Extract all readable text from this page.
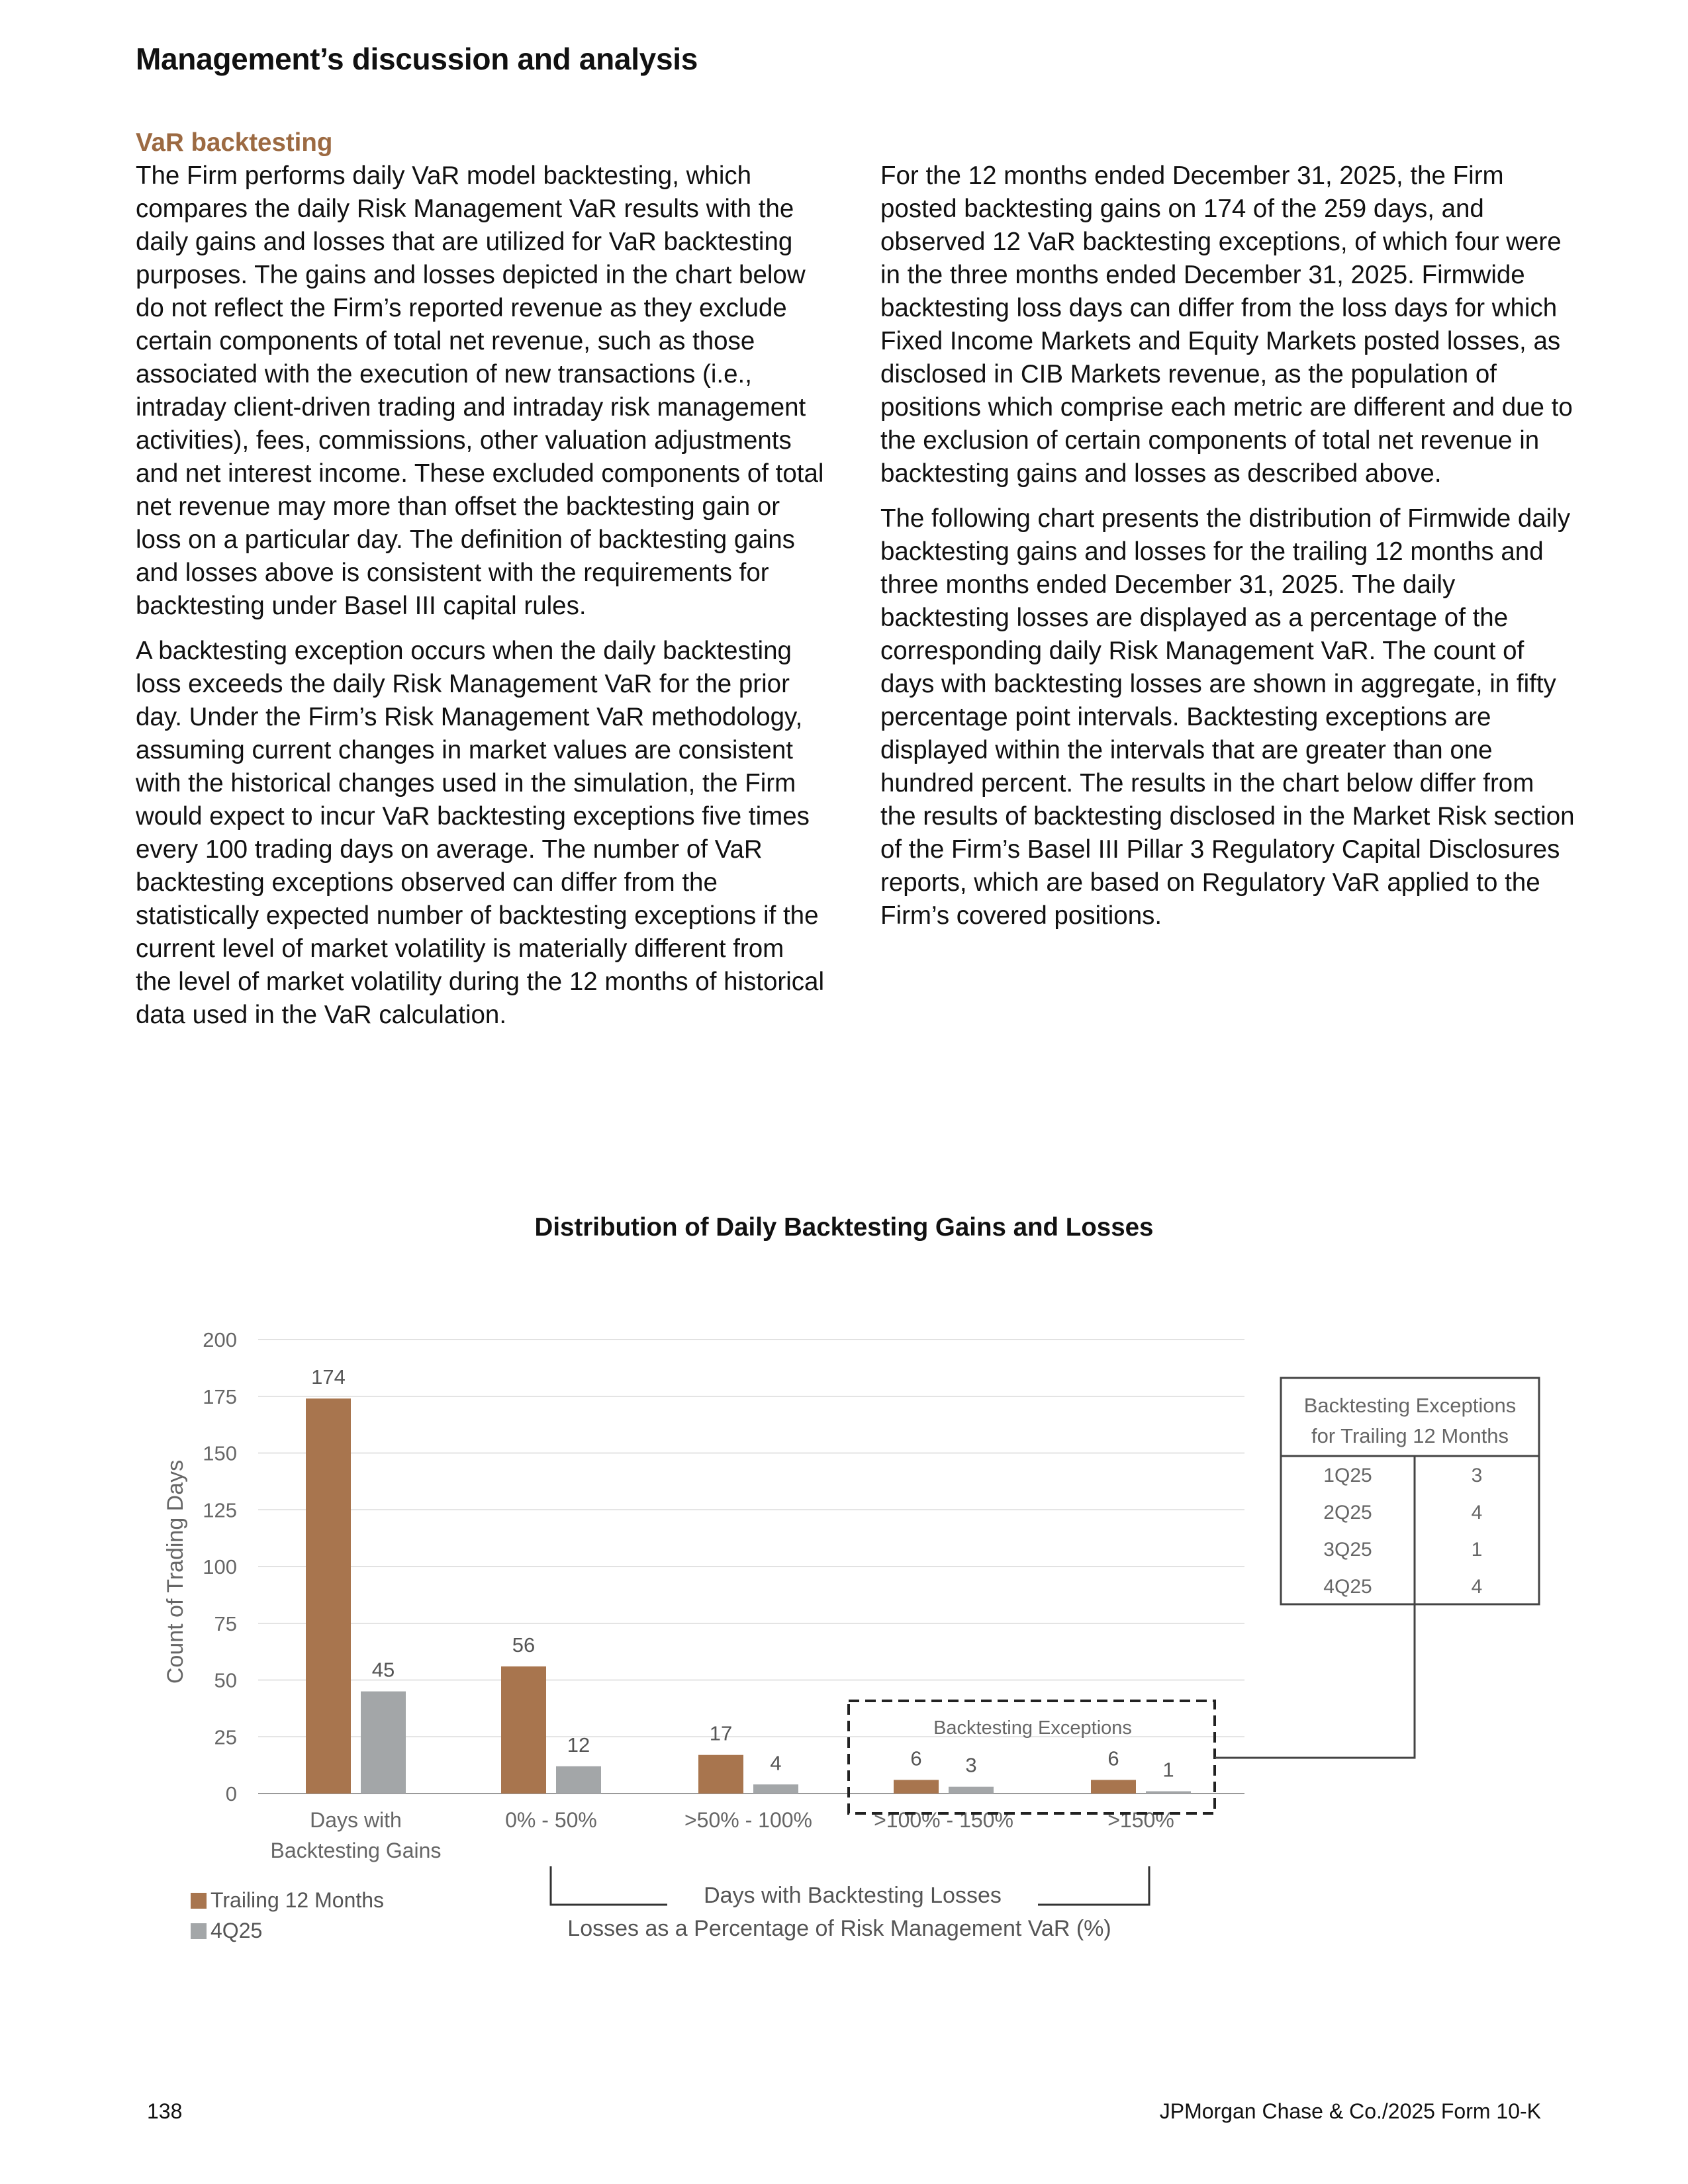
Management’s discussion and analysis
VaR backtesting

The Firm performs daily VaR model backtesting, which compares the daily Risk Management VaR results with the daily gains and losses that are utilized for VaR backtesting purposes. The gains and losses depicted in the chart below do not reflect the Firm’s reported revenue as they exclude certain components of total net revenue, such as those associated with the execution of new transactions (i.e., intraday client-driven trading and intraday risk management activities), fees, commissions, other valuation adjustments and net interest income. These excluded components of total net revenue may more than offset the backtesting gain or loss on a particular day. The definition of backtesting gains and losses above is consistent with the requirements for backtesting under Basel III capital rules.

A backtesting exception occurs when the daily backtesting loss exceeds the daily Risk Management VaR for the prior day. Under the Firm’s Risk Management VaR methodology, assuming current changes in market values are consistent with the historical changes used in the simulation, the Firm would expect to incur VaR backtesting exceptions five times every 100 trading days on average. The number of VaR backtesting exceptions observed can differ from the statistically expected number of backtesting exceptions if the current level of market volatility is materially different from the level of market volatility during the 12 months of historical data used in the VaR calculation.

For the 12 months ended December 31, 2025, the Firm posted backtesting gains on 174 of the 259 days, and observed 12 VaR backtesting exceptions, of which four were in the three months ended December 31, 2025. Firmwide backtesting loss days can differ from the loss days for which Fixed Income Markets and Equity Markets posted losses, as disclosed in CIB Markets revenue, as the population of positions which comprise each metric are different and due to the exclusion of certain components of total net revenue in backtesting gains and losses as described above.

The following chart presents the distribution of Firmwide daily backtesting gains and losses for the trailing 12 months and three months ended December 31, 2025. The daily backtesting losses are displayed as a percentage of the corresponding daily Risk Management VaR. The count of days with backtesting losses are shown in aggregate, in fifty percentage point intervals. Backtesting exceptions are displayed within the intervals that are greater than one hundred percent. The results in the chart below differ from the results of backtesting disclosed in the Market Risk section of the Firm’s Basel III Pillar 3 Regulatory Capital Disclosures reports, which are based on Regulatory VaR applied to the Firm’s covered positions.

Distribution of Daily Backtesting Gains and Losses
0
25
50
75
100
125
150
175
200
Count of Trading Days
174
45
56
12	17
4	6 3	6 1
Days with
Backtesting Gains
0% - 50%	>50% - 100%	>100% - 150%	>150%
Backtesting Exceptions
Days with Backtesting Losses
Losses as a Percentage of Risk Management VaR (%)
Trailing 12 Months
4Q25
Backtesting Exceptions
for Trailing 12 Months
1Q25	3
2Q25	4
3Q25	1
4Q25	4
138	JPMorgan Chase & Co./2025 Form 10-K
